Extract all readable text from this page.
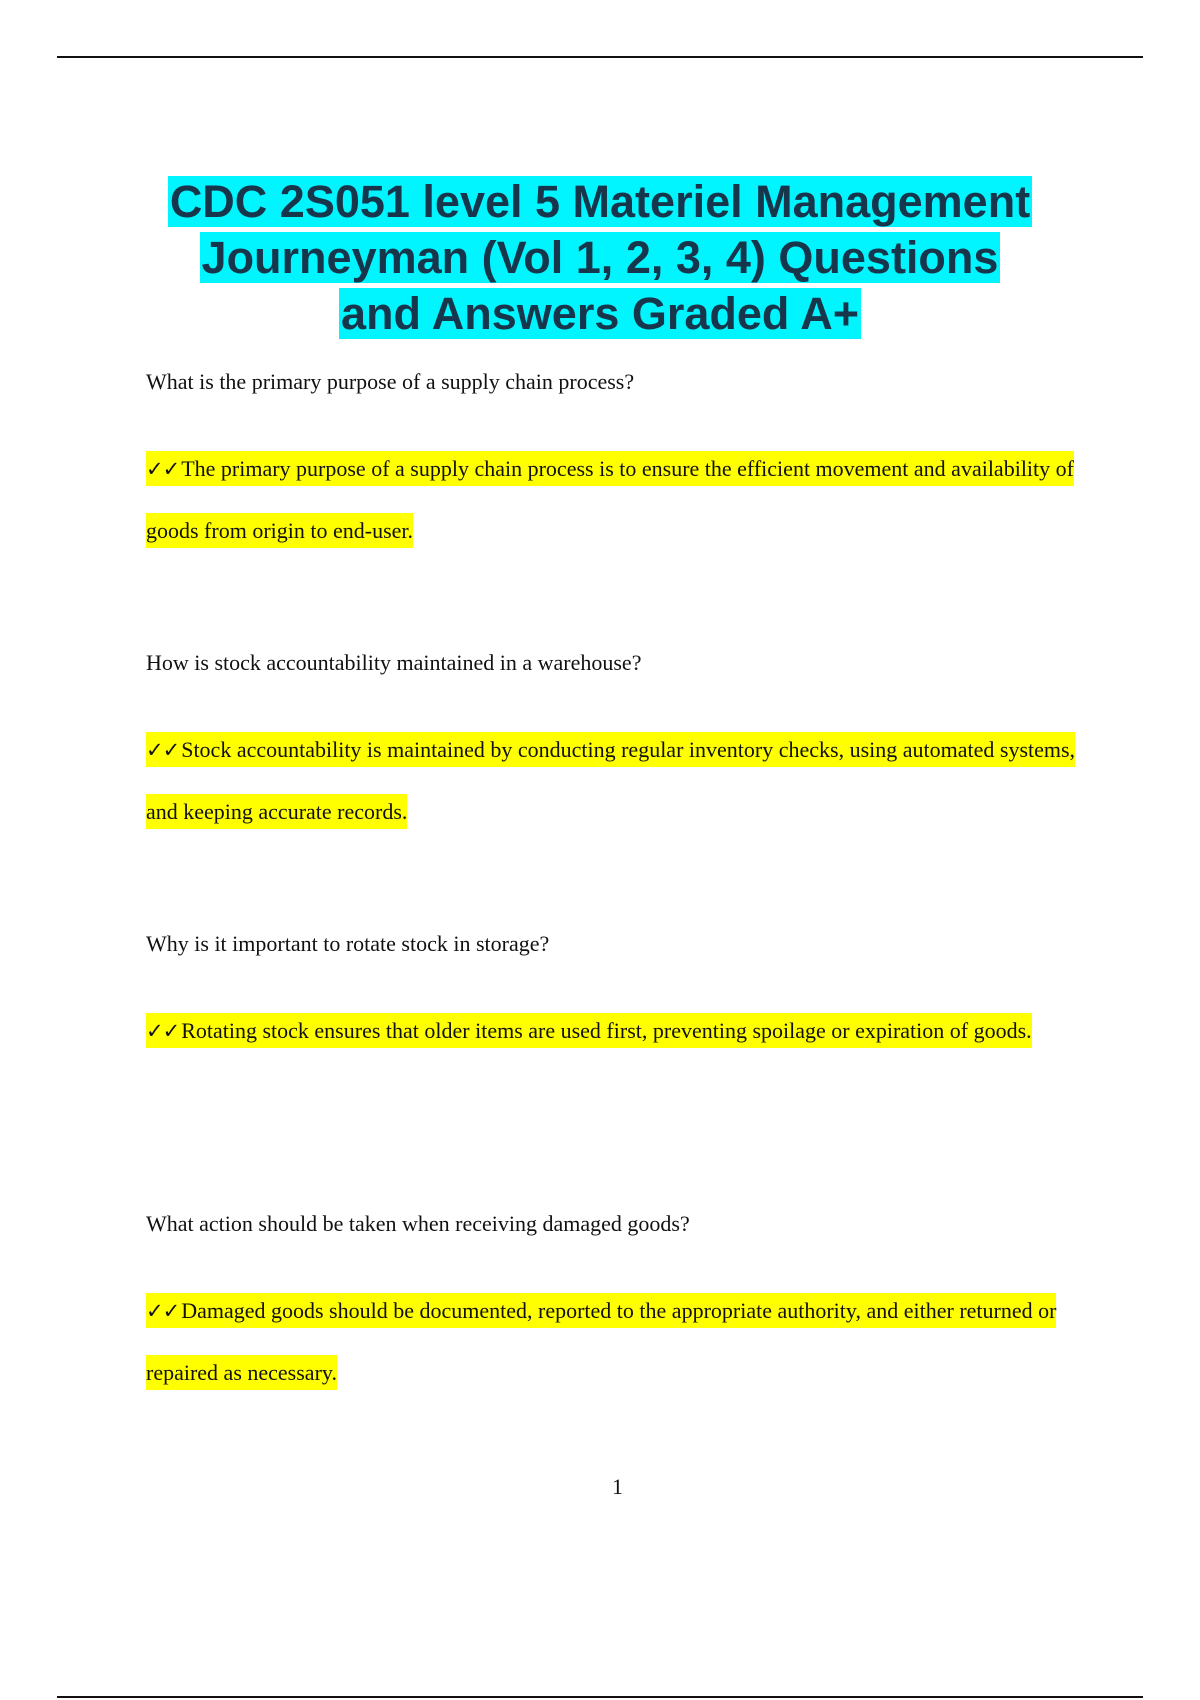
CDC 2S051 level 5 Materiel Management
Journeyman (Vol 1, 2, 3, 4) Questions
and Answers Graded A+

What is the primary purpose of a supply chain process?

✓✓The primary purpose of a supply chain process is to ensure the efficient movement and availability of goods from origin to end-user.

How is stock accountability maintained in a warehouse?

✓✓Stock accountability is maintained by conducting regular inventory checks, using automated systems, and keeping accurate records.

Why is it important to rotate stock in storage?

✓✓Rotating stock ensures that older items are used first, preventing spoilage or expiration of goods.

What action should be taken when receiving damaged goods?

✓✓Damaged goods should be documented, reported to the appropriate authority, and either returned or repaired as necessary.

1
